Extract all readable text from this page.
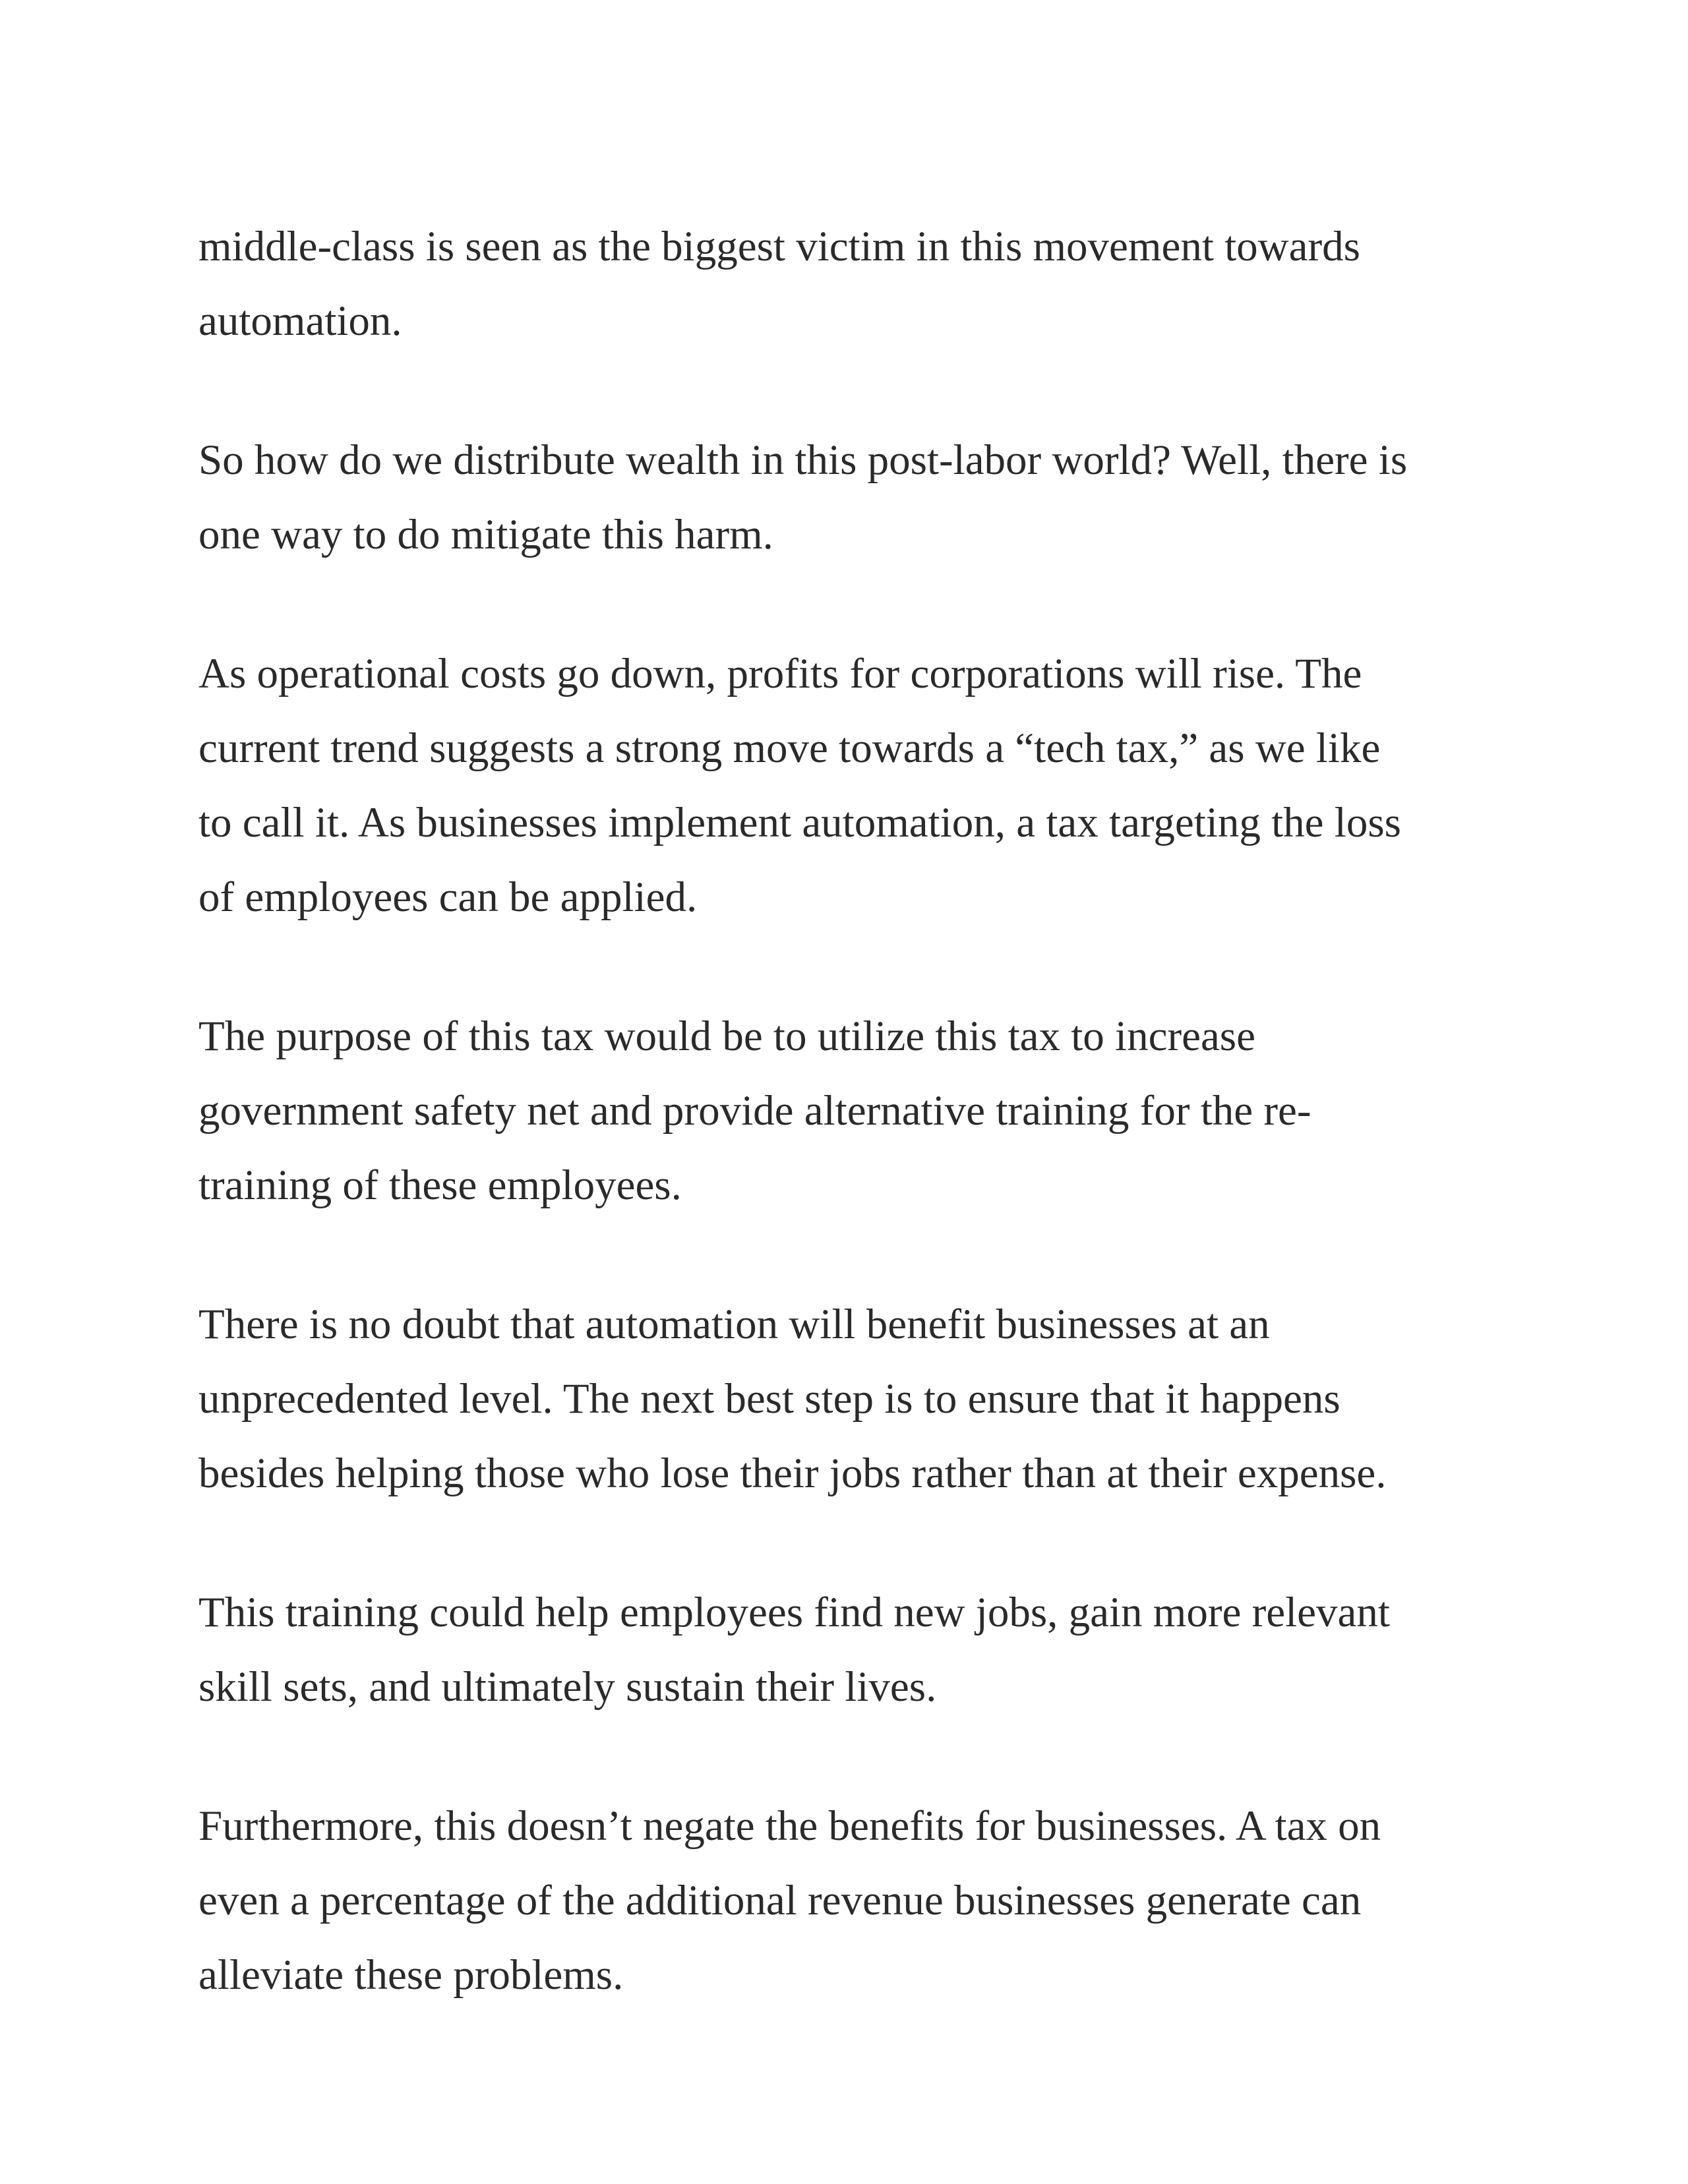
middle-class is seen as the biggest victim in this movement towards
automation.

So how do we distribute wealth in this post-labor world? Well, there is
one way to do mitigate this harm.

As operational costs go down, profits for corporations will rise. The
current trend suggests a strong move towards a “tech tax,” as we like
to call it. As businesses implement automation, a tax targeting the loss
of employees can be applied.

The purpose of this tax would be to utilize this tax to increase
government safety net and provide alternative training for the re-
training of these employees.

There is no doubt that automation will benefit businesses at an
unprecedented level. The next best step is to ensure that it happens
besides helping those who lose their jobs rather than at their expense.

This training could help employees find new jobs, gain more relevant
skill sets, and ultimately sustain their lives.

Furthermore, this doesn’t negate the benefits for businesses. A tax on
even a percentage of the additional revenue businesses generate can
alleviate these problems.
